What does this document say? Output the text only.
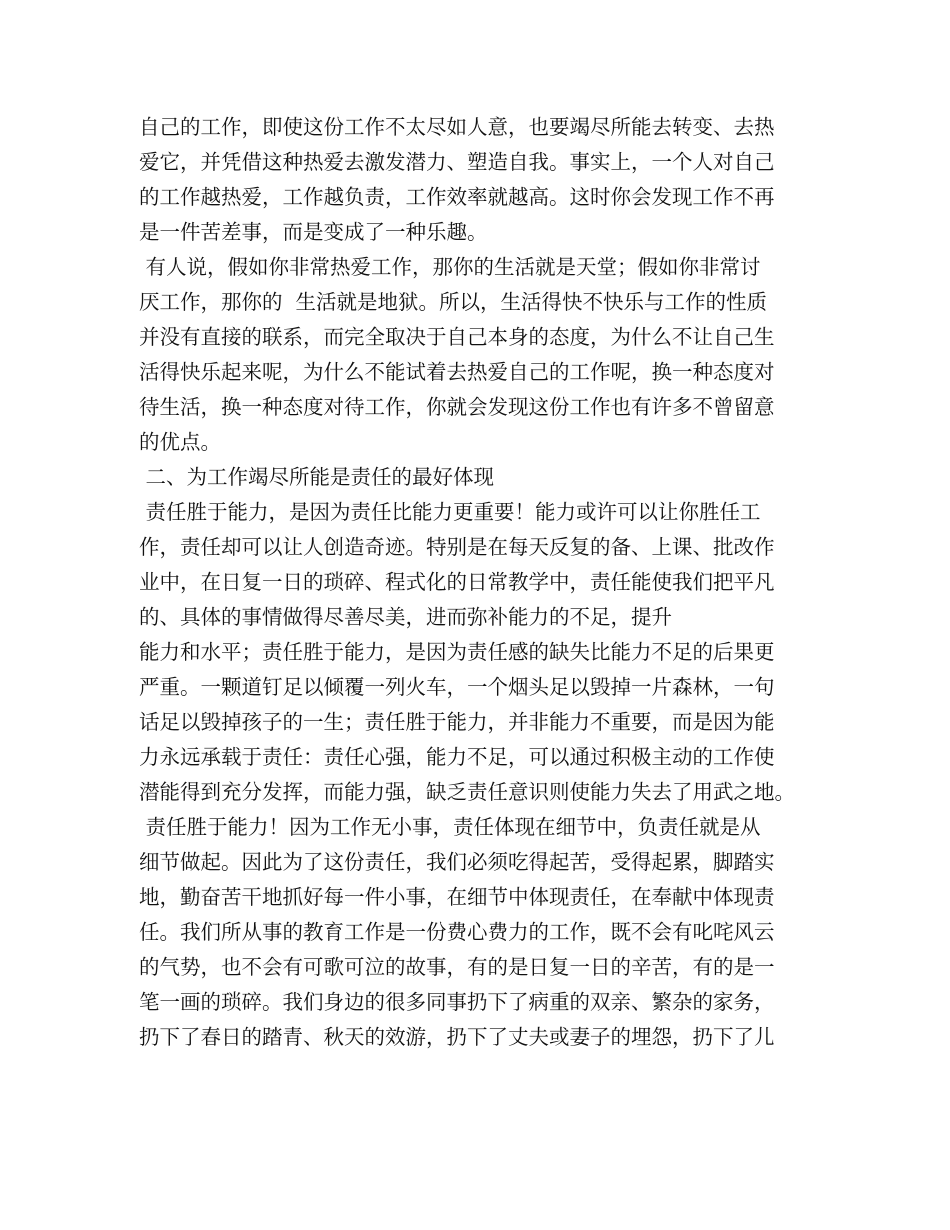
自己的工作，即使这份工作不太尽如人意，也要竭尽所能去转变、去热
爱它，并凭借这种热爱去激发潜力、塑造自我。事实上，一个人对自己
的工作越热爱，工作越负责，工作效率就越高。这时你会发现工作不再
是一件苦差事，而是变成了一种乐趣。
有人说，假如你非常热爱工作，那你的生活就是天堂；假如你非常讨
厌工作，那你的  生活就是地狱。所以，生活得快不快乐与工作的性质
并没有直接的联系，而完全取决于自己本身的态度，为什么不让自己生
活得快乐起来呢，为什么不能试着去热爱自己的工作呢，换一种态度对
待生活，换一种态度对待工作，你就会发现这份工作也有许多不曾留意
的优点。
二、为工作竭尽所能是责任的最好体现
责任胜于能力，是因为责任比能力更重要！能力或许可以让你胜任工
作，责任却可以让人创造奇迹。特别是在每天反复的备、上课、批改作
业中，在日复一日的琐碎、程式化的日常教学中，责任能使我们把平凡
的、具体的事情做得尽善尽美，进而弥补能力的不足，提升
能力和水平；责任胜于能力，是因为责任感的缺失比能力不足的后果更
严重。一颗道钉足以倾覆一列火车，一个烟头足以毁掉一片森林，一句
话足以毁掉孩子的一生；责任胜于能力，并非能力不重要，而是因为能
力永远承载于责任：责任心强，能力不足，可以通过积极主动的工作使
潜能得到充分发挥，而能力强，缺乏责任意识则使能力失去了用武之地。
责任胜于能力！因为工作无小事，责任体现在细节中，负责任就是从
细节做起。因此为了这份责任，我们必须吃得起苦，受得起累，脚踏实
地，勤奋苦干地抓好每一件小事，在细节中体现责任，在奉献中体现责
任。我们所从事的教育工作是一份费心费力的工作，既不会有叱咤风云
的气势，也不会有可歌可泣的故事，有的是日复一日的辛苦，有的是一
笔一画的琐碎。我们身边的很多同事扔下了病重的双亲、繁杂的家务，
扔下了春日的踏青、秋天的效游，扔下了丈夫或妻子的埋怨，扔下了儿
